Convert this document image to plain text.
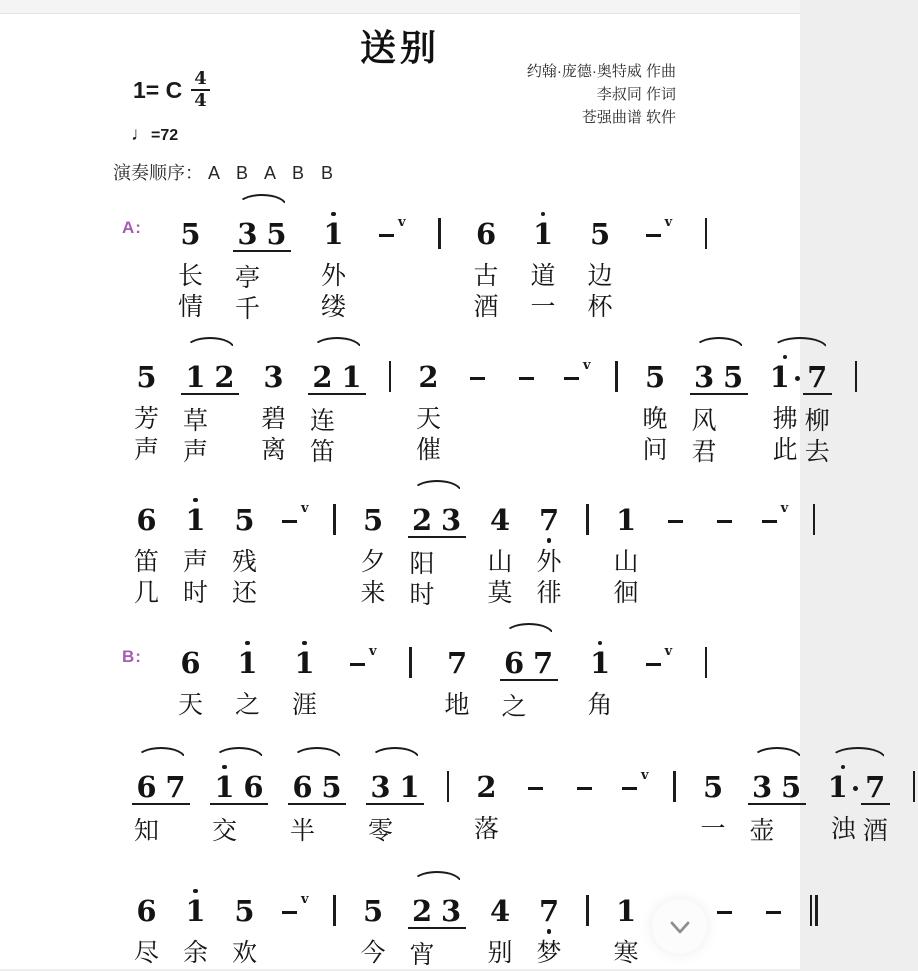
送别
约翰·庞德·奥特威 作曲
李叔同 作词
苍强曲谱 软件
1= C $\frac{4}{4}$
♩=72
演奏顺序： A B A B B
A:	5
长
情
3
亭
千
5 1
外
缕
v 6
古
酒
1
道
一
5
边
杯
v
5
芳
声
1
草
声
2 3
碧
离
2
连
笛
1 2
天
催
v 5
晚
问
3
风
君
5 1
拂
此
7
柳
去
6
笛
几
1
声
时
5
残
还
v 5
夕
来
2
阳
时
3 4
山
莫
7
外
徘
1
山
徊
v
B:	6
天
1
之
1
涯
v 7
地
6
之
7 1
角
v
6
知
7 1
交
6 6
半
5 3
零
1 2
落
v 5
一
3
壶
5 1
浊
7
酒
6
尽
1
余
5
欢
v 5
今
2
宵
3 4
别
7
梦
1
寒
